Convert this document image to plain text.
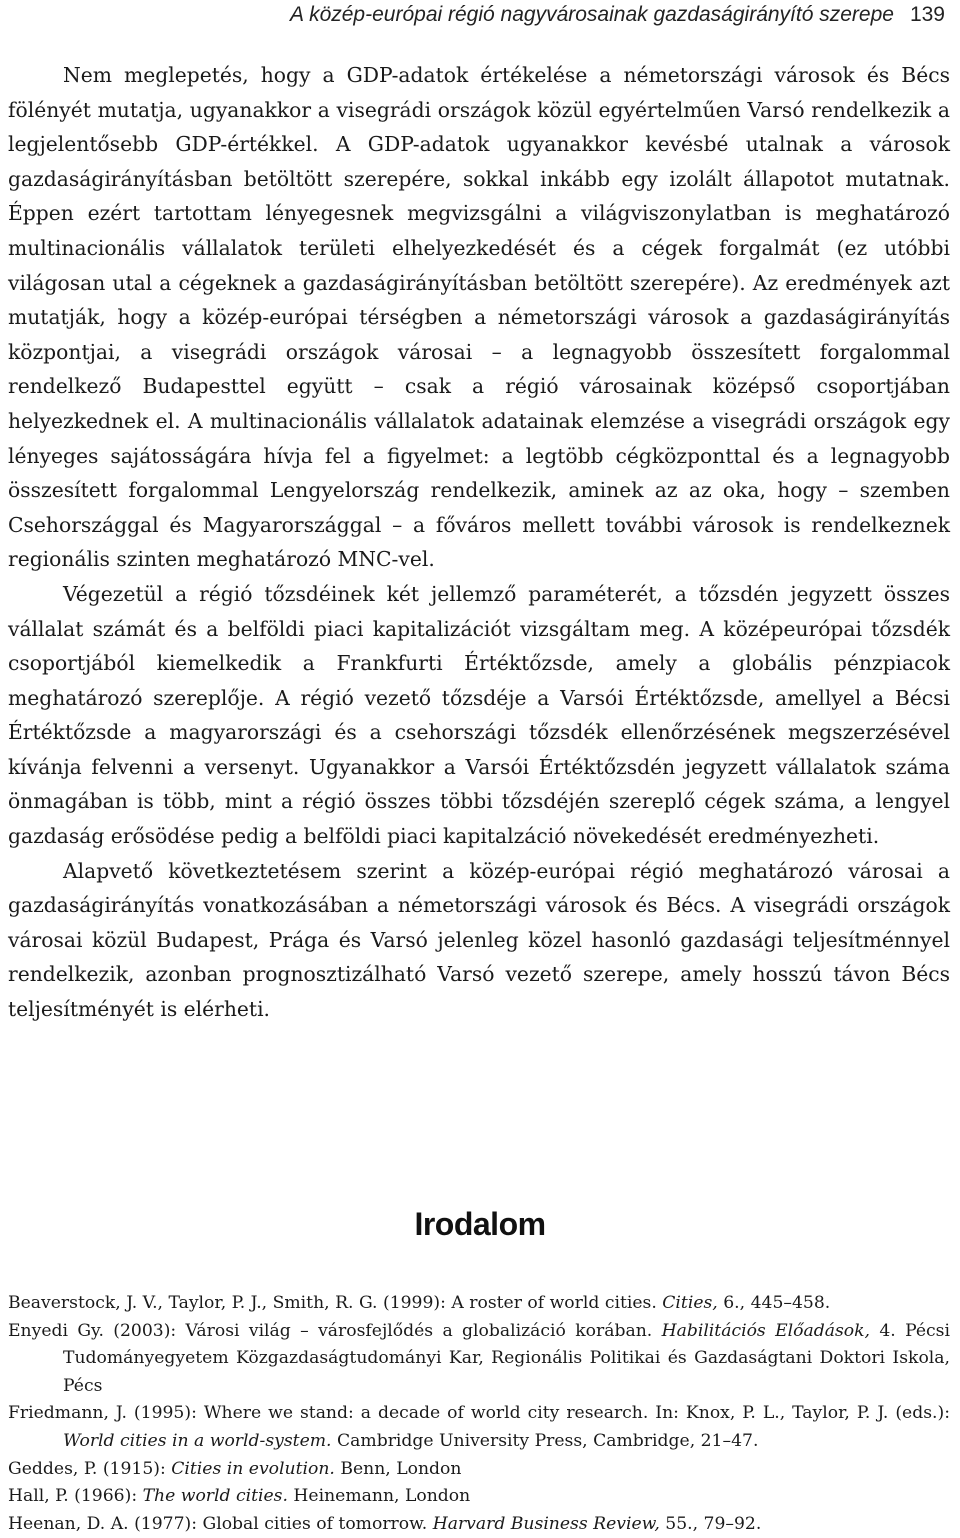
A közép-európai régió nagyvárosainak gazdaságirányító szerepe 139

Nem meglepetés, hogy a GDP-adatok értékelése a németországi városok és Bécs fölényét mutatja, ugyanakkor a visegrádi országok közül egyértelműen Varsó rendelkezik a legjelentősebb GDP-értékkel. A GDP-adatok ugyanakkor kevésbé utalnak a városok gazdaságirányításban betöltött szerepére, sokkal inkább egy izolált állapotot mutatnak. Éppen ezért tartottam lényegesnek megvizsgálni a világviszonylatban is meghatározó multinacionális vállalatok területi elhelyezkedését és a cégek forgalmát (ez utóbbi világosan utal a cégeknek a gazdaságirányításban betöltött szerepére). Az eredmények azt mutatják, hogy a közép-európai térségben a németországi városok a gazdaságirányítás központjai, a visegrádi országok városai – a legnagyobb összesített forgalommal rendelkező Budapesttel együtt – csak a régió városainak középső csoportjában helyezkednek el. A multinacionális vállalatok adatainak elemzése a visegrádi országok egy lényeges sajátosságára hívja fel a figyelmet: a legtöbb cégközponttal és a legnagyobb összesített forgalommal Lengyelország rendelkezik, aminek az az oka, hogy – szemben Csehországgal és Magyarországgal – a főváros mellett további városok is rendelkeznek regionális szinten meghatározó MNC-vel.

Végezetül a régió tőzsdéinek két jellemző paraméterét, a tőzsdén jegyzett összes vállalat számát és a belföldi piaci kapitalizációt vizsgáltam meg. A középeurópai tőzsdék csoportjából kiemelkedik a Frankfurti Értéktőzsde, amely a globális pénzpiacok meghatározó szereplője. A régió vezető tőzsdéje a Varsói Értéktőzsde, amellyel a Bécsi Értéktőzsde a magyarországi és a csehországi tőzsdék ellenőrzésének megszerzésével kívánja felvenni a versenyt. Ugyanakkor a Varsói Értéktőzsdén jegyzett vállalatok száma önmagában is több, mint a régió összes többi tőzsdéjén szereplő cégek száma, a lengyel gazdaság erősödése pedig a belföldi piaci kapitalzáció növekedését eredményezheti.

Alapvető következtetésem szerint a közép-európai régió meghatározó városai a gazdaságirányítás vonatkozásában a németországi városok és Bécs. A visegrádi országok városai közül Budapest, Prága és Varsó jelenleg közel hasonló gazdasági teljesítménnyel rendelkezik, azonban prognosztizálható Varsó vezető szerepe, amely hosszú távon Bécs teljesítményét is elérheti.

Irodalom
Beaverstock, J. V., Taylor, P. J., Smith, R. G. (1999): A roster of world cities. Cities, 6., 445–458.
Enyedi Gy. (2003): Városi világ – városfejlődés a globalizáció korában. Habilitációs Előadások, 4. Pécsi Tudományegyetem Közgazdaságtudományi Kar, Regionális Politikai és Gazdaságtani Doktori Iskola, Pécs
Friedmann, J. (1995): Where we stand: a decade of world city research. In: Knox, P. L., Taylor, P. J. (eds.): World cities in a world-system. Cambridge University Press, Cambridge, 21–47.
Geddes, P. (1915): Cities in evolution. Benn, London
Hall, P. (1966): The world cities. Heinemann, London
Heenan, D. A. (1977): Global cities of tomorrow. Harvard Business Review, 55., 79–92.
